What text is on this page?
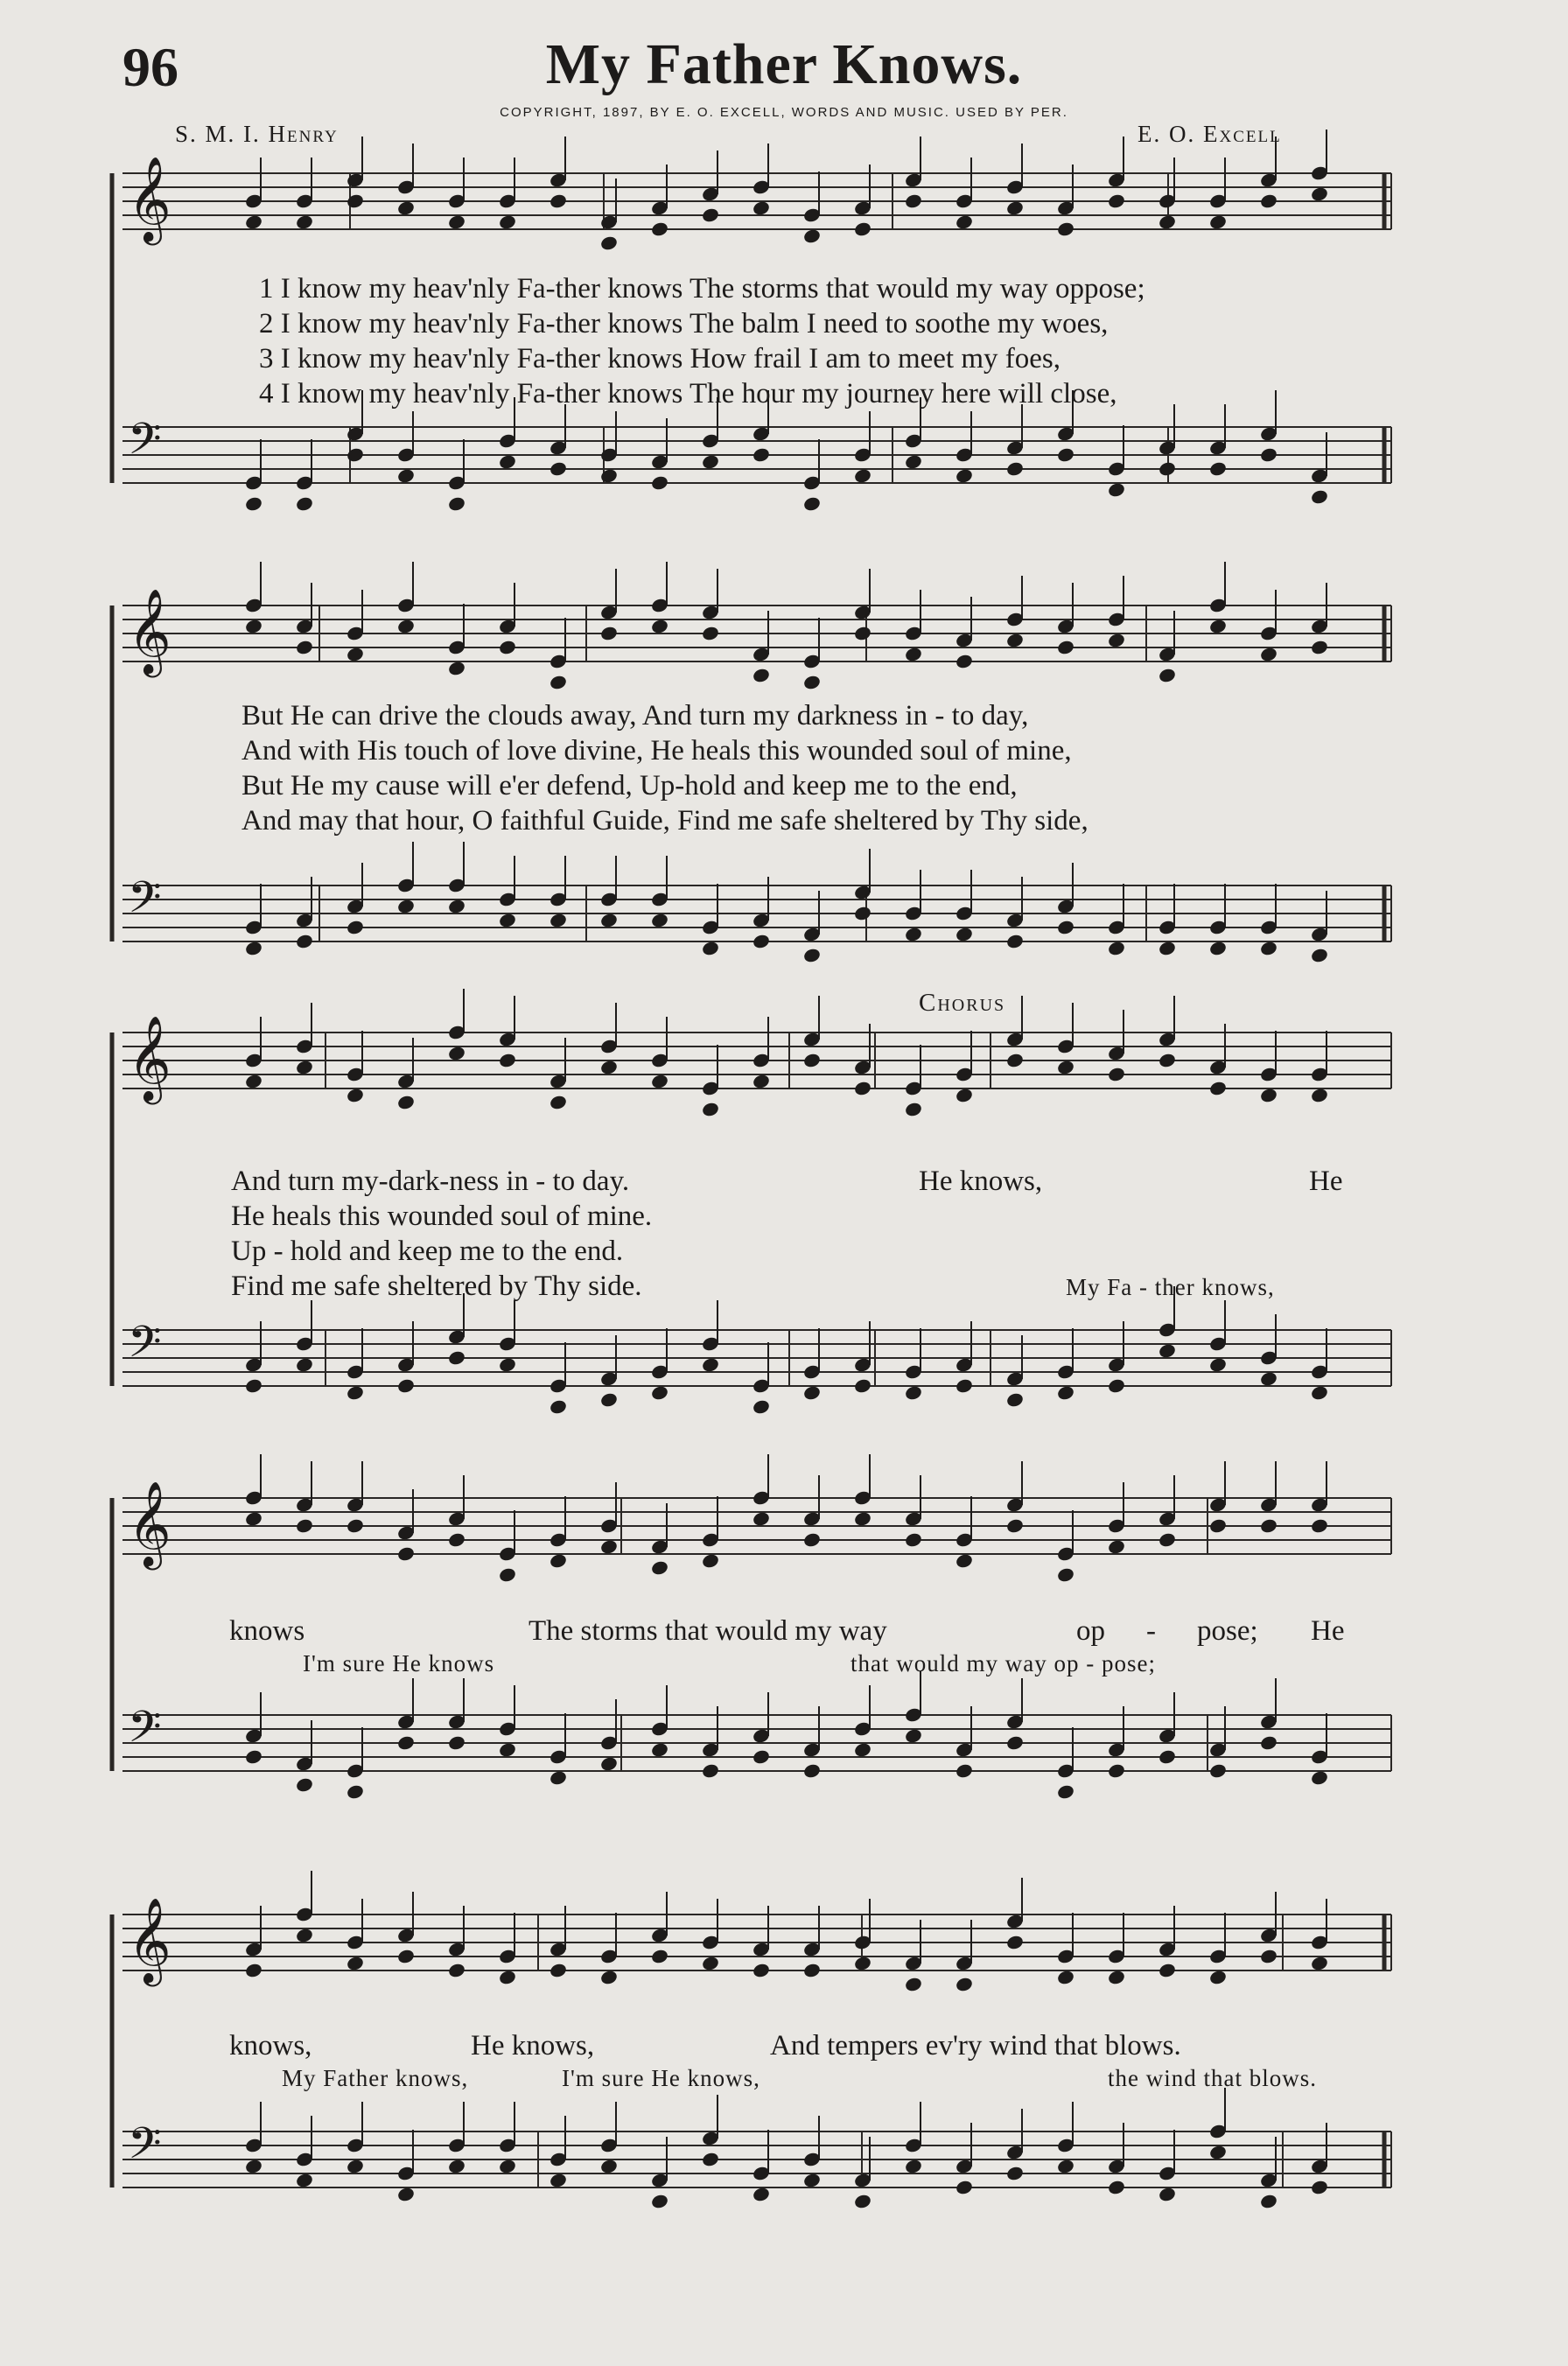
96	My Father Knows.
COPYRIGHT, 1897, BY E. O. EXCELL, WORDS AND MUSIC. USED BY PER.
S. M. I. Henry	E. O. Excell
𝄞
𝄢
𝄞
𝄢
𝄞
𝄢
𝄞
𝄢
𝄞
𝄢
1 I know my heav'nly Fa-ther knows The storms that would my way oppose;
2 I know my heav'nly Fa-ther knows The balm I need to soothe my woes,
3 I know my heav'nly Fa-ther knows How frail I am to meet my foes,
4 I know my heav'nly Fa-ther knows The hour my journey here will close,
But He can drive the clouds away, And turn my darkness in - to day,
And with His touch of love divine, He heals this wounded soul of mine,
But He my cause will e'er defend, Up-hold and keep me to the end,
And may that hour, O faithful Guide, Find me safe sheltered by Thy side,
Chorus
And turn my-dark-ness in - to day.
He heals this wounded soul of mine.
Up - hold and keep me to the end.
Find me safe sheltered by Thy side.
He knows,	He
My Fa - ther knows,
knows	The storms that would my way	op - pose; He
I'm sure He knows	that would my way op - pose;
knows,	He knows,	And tempers ev'ry wind that blows.
My Father knows,	I'm sure He knows,	the wind that blows.
